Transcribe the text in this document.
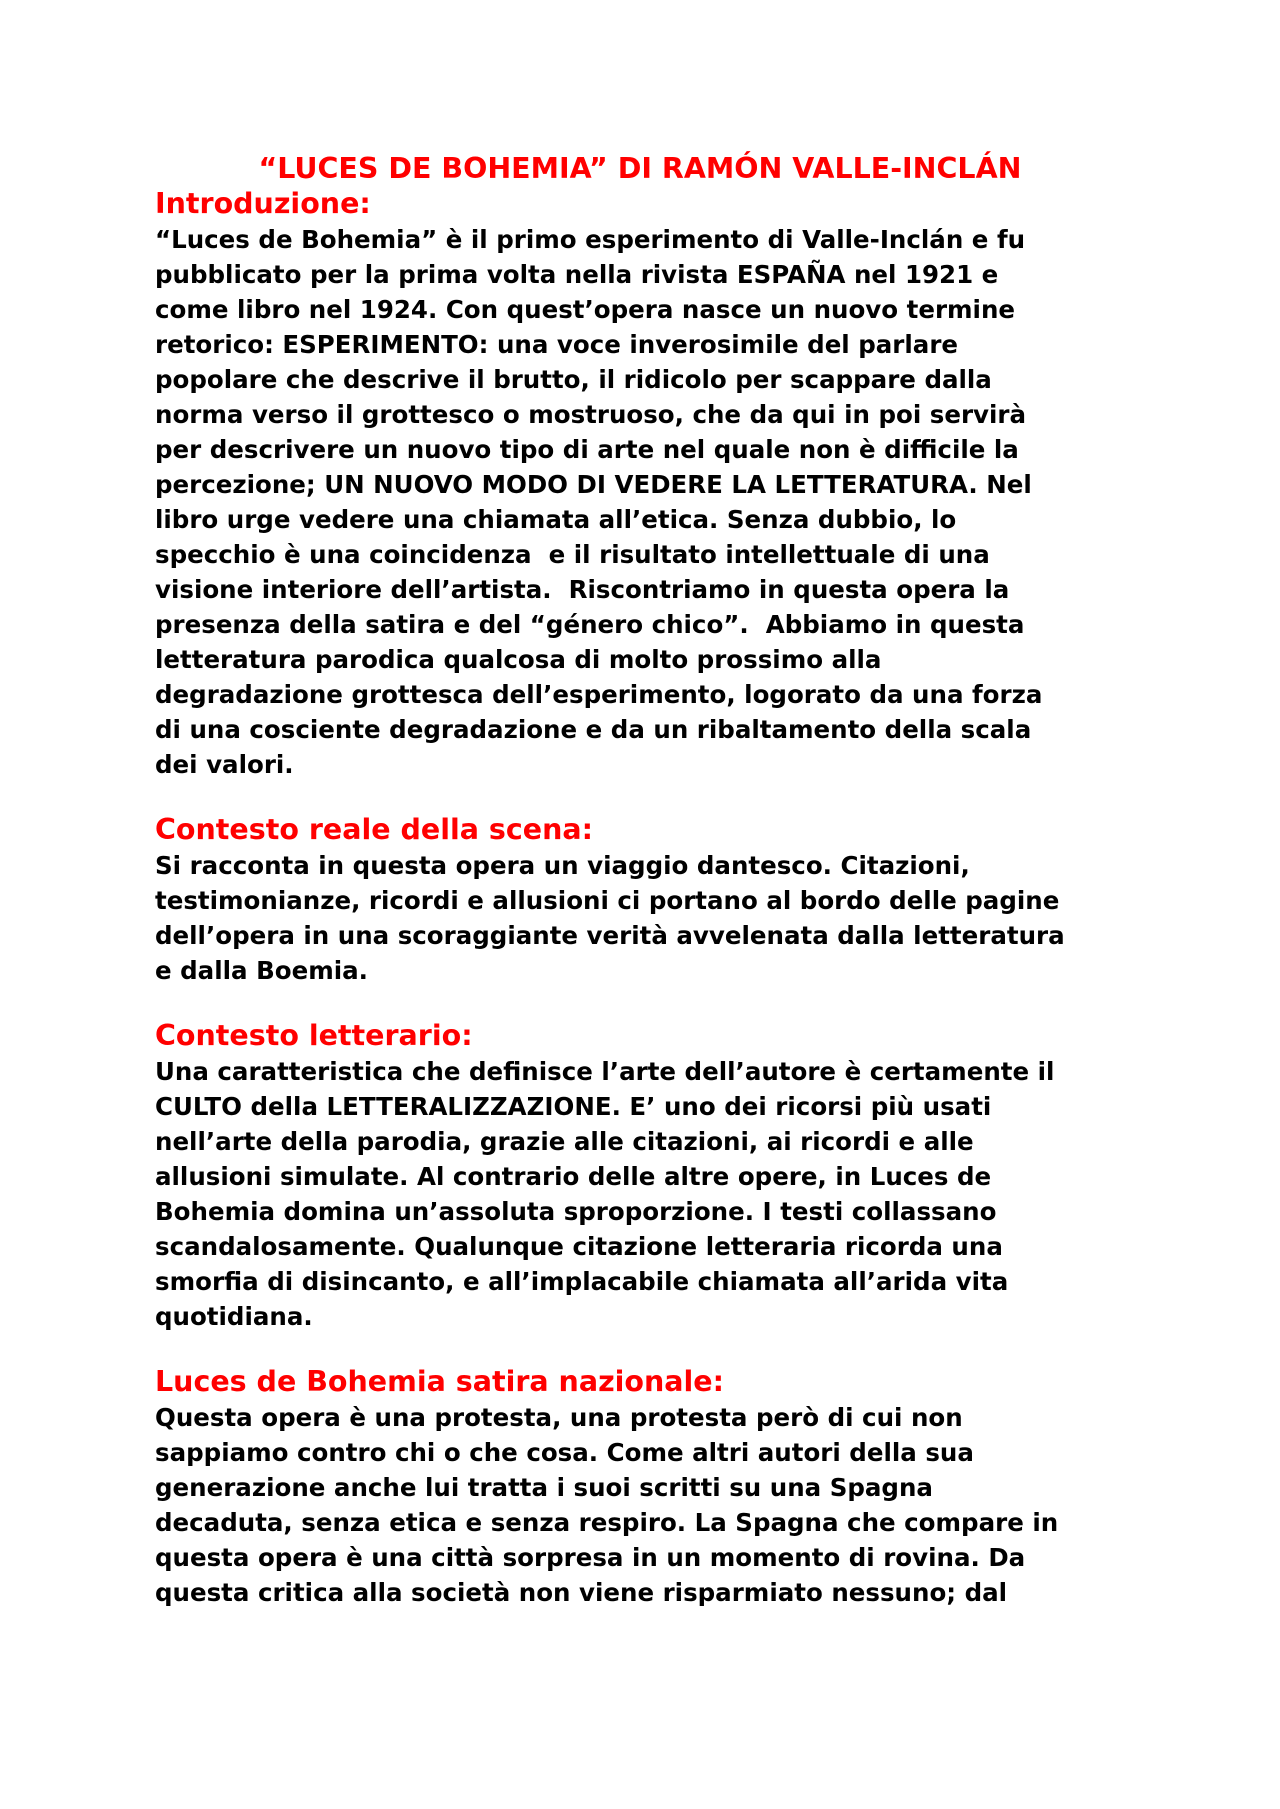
“LUCES DE BOHEMIA” DI RAMÓN VALLE-INCLÁN
Introduzione:

“Luces de Bohemia” è il primo esperimento di Valle-Inclán e fu
pubblicato per la prima volta nella rivista ESPAÑA nel 1921 e
come libro nel 1924. Con quest’opera nasce un nuovo termine
retorico: ESPERIMENTO: una voce inverosimile del parlare
popolare che descrive il brutto, il ridicolo per scappare dalla
norma verso il grottesco o mostruoso, che da qui in poi servirà
per descrivere un nuovo tipo di arte nel quale non è difficile la
percezione; UN NUOVO MODO DI VEDERE LA LETTERATURA. Nel
libro urge vedere una chiamata all’etica. Senza dubbio, lo
specchio è una coincidenza  e il risultato intellettuale di una
visione interiore dell’artista.  Riscontriamo in questa opera la
presenza della satira e del “género chico”.  Abbiamo in questa
letteratura parodica qualcosa di molto prossimo alla
degradazione grottesca dell’esperimento, logorato da una forza
di una cosciente degradazione e da un ribaltamento della scala
dei valori.

Contesto reale della scena:

Si racconta in questa opera un viaggio dantesco. Citazioni,
testimonianze, ricordi e allusioni ci portano al bordo delle pagine
dell’opera in una scoraggiante verità avvelenata dalla letteratura
e dalla Boemia.

Contesto letterario:

Una caratteristica che definisce l’arte dell’autore è certamente il
CULTO della LETTERALIZZAZIONE. E’ uno dei ricorsi più usati
nell’arte della parodia, grazie alle citazioni, ai ricordi e alle
allusioni simulate. Al contrario delle altre opere, in Luces de
Bohemia domina un’assoluta sproporzione. I testi collassano
scandalosamente. Qualunque citazione letteraria ricorda una
smorfia di disincanto, e all’implacabile chiamata all’arida vita
quotidiana.

Luces de Bohemia satira nazionale:

Questa opera è una protesta, una protesta però di cui non
sappiamo contro chi o che cosa. Come altri autori della sua
generazione anche lui tratta i suoi scritti su una Spagna
decaduta, senza etica e senza respiro. La Spagna che compare in
questa opera è una città sorpresa in un momento di rovina. Da
questa critica alla società non viene risparmiato nessuno; dal
